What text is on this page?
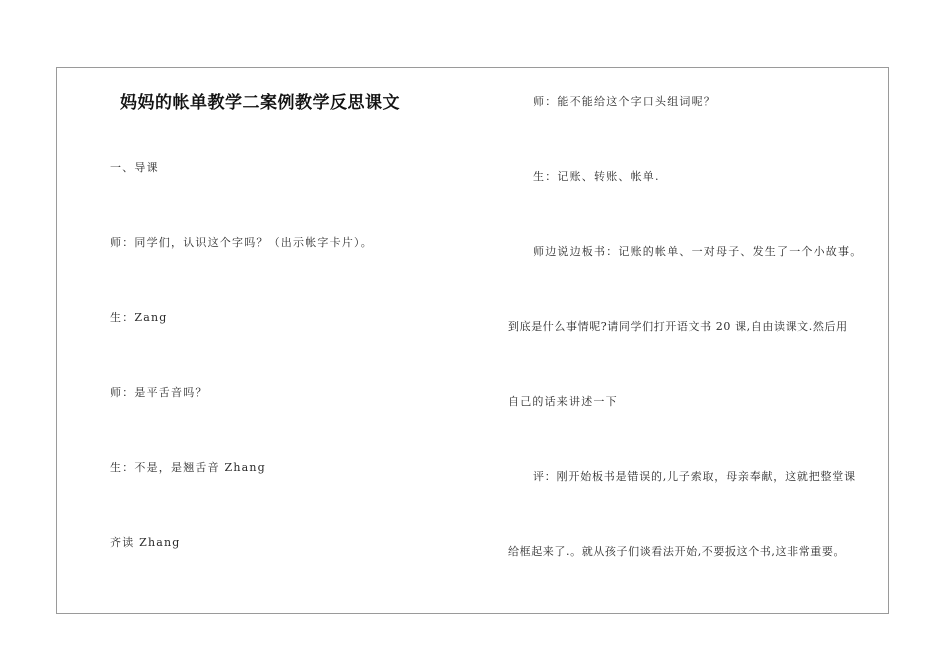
妈妈的帐单教学二案例教学反思课文
一、导课
师：同学们，认识这个字吗？（出示帐字卡片）。
生：Zang
师：是平舌音吗？
生：不是，是翘舌音 Zhang
齐读 Zhang
师：能不能给这个字口头组词呢？
生：记账、转账、帐单.
师边说边板书：记账的帐单、一对母子、发生了一个小故事。
到底是什么事情呢?请同学们打开语文书 20 课,自由读课文.然后用
自己的话来讲述一下
评：刚开始板书是错误的,儿子索取，母亲奉献，这就把整堂课
给框起来了.。就从孩子们谈看法开始,不要扳这个书,这非常重要。
